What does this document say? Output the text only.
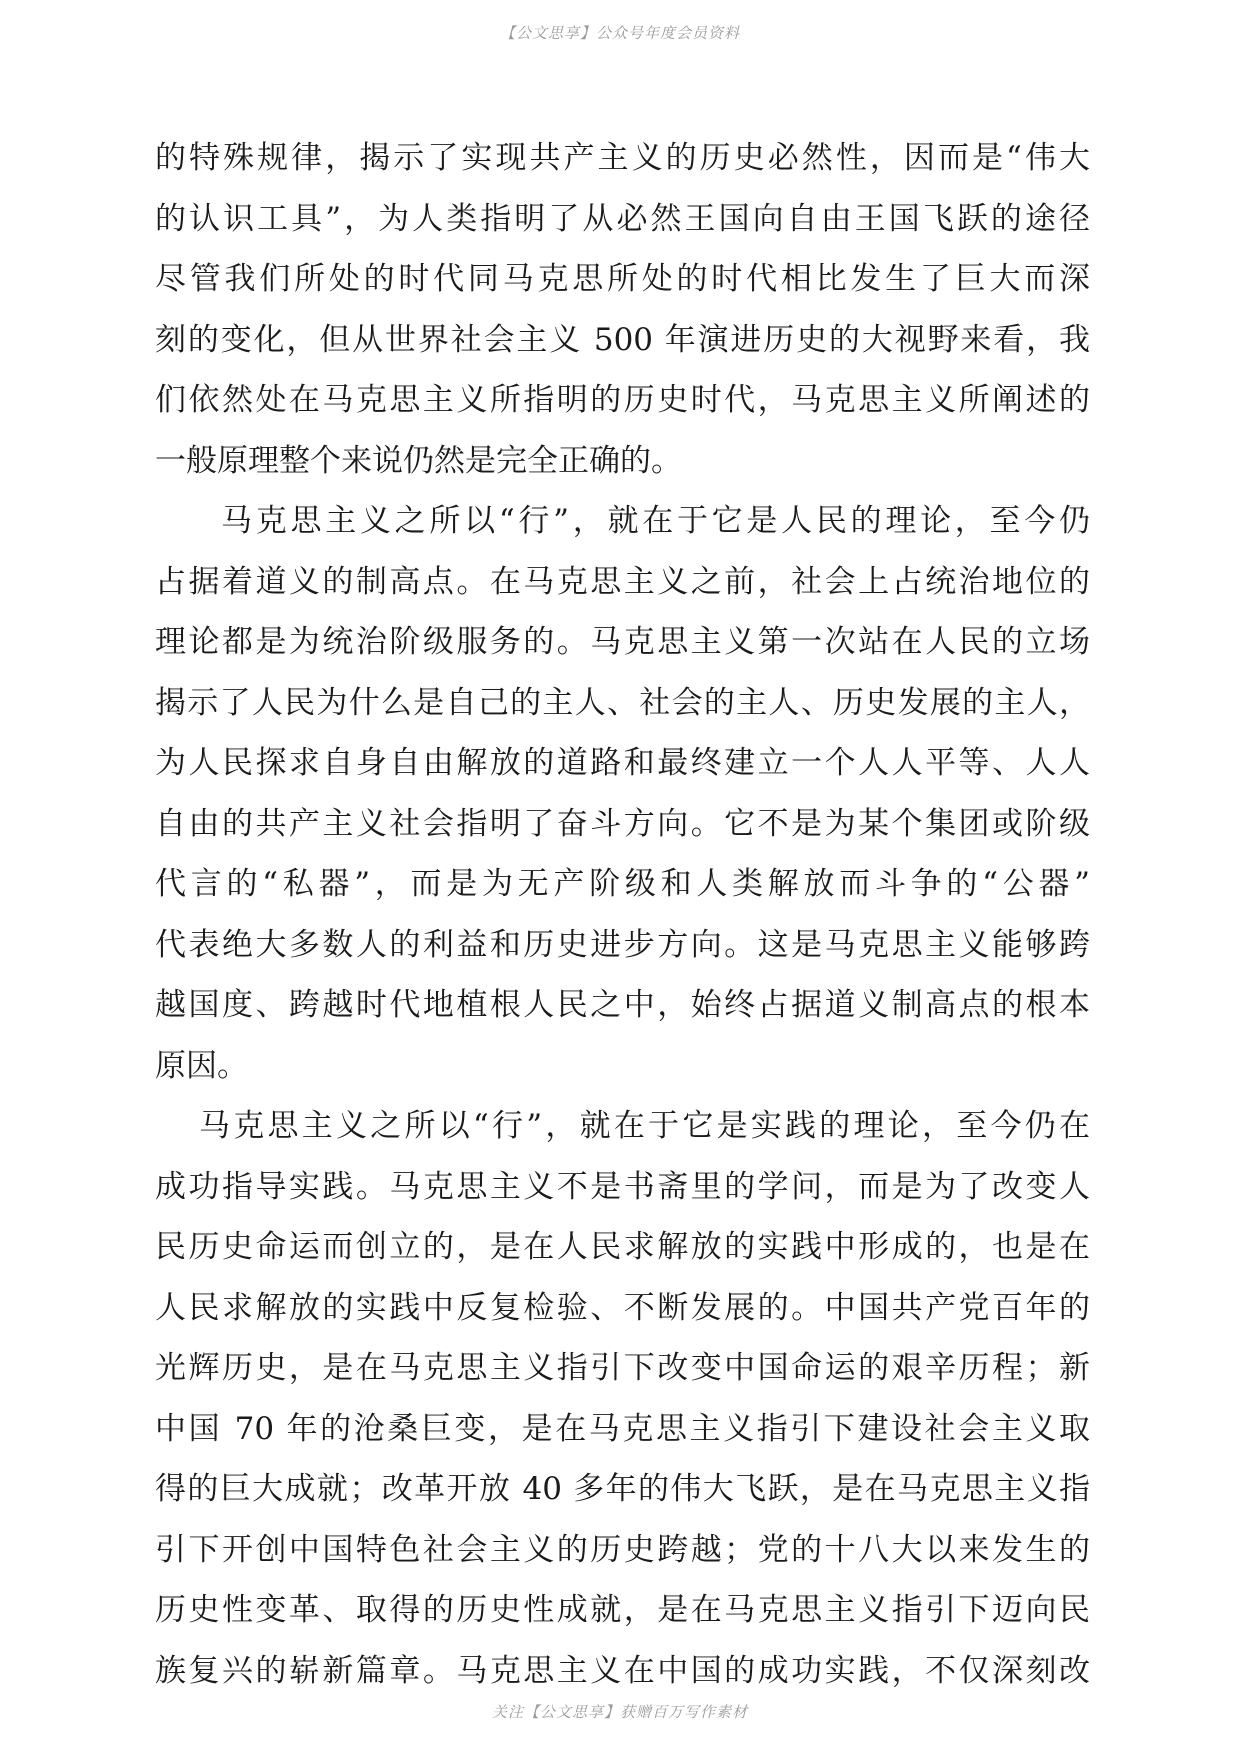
【公文思享】公众号年度会员资料
的特殊规律，揭示了实现共产主义的历史必然性，因而是“伟大
的认识工具”，为人类指明了从必然王国向自由王国飞跃的途径
尽管我们所处的时代同马克思所处的时代相比发生了巨大而深
刻的变化，但从世界社会主义 500 年演进历史的大视野来看，我
们依然处在马克思主义所指明的历史时代，马克思主义所阐述的
一般原理整个来说仍然是完全正确的。
马克思主义之所以“行”，就在于它是人民的理论，至今仍
占据着道义的制高点。在马克思主义之前，社会上占统治地位的
理论都是为统治阶级服务的。马克思主义第一次站在人民的立场
揭示了人民为什么是自己的主人、社会的主人、历史发展的主人，
为人民探求自身自由解放的道路和最终建立一个人人平等、人人
自由的共产主义社会指明了奋斗方向。它不是为某个集团或阶级
代言的“私器”，而是为无产阶级和人类解放而斗争的“公器”
代表绝大多数人的利益和历史进步方向。这是马克思主义能够跨
越国度、跨越时代地植根人民之中，始终占据道义制高点的根本
原因。
马克思主义之所以“行”，就在于它是实践的理论，至今仍在
成功指导实践。马克思主义不是书斋里的学问，而是为了改变人
民历史命运而创立的，是在人民求解放的实践中形成的，也是在
人民求解放的实践中反复检验、不断发展的。中国共产党百年的
光辉历史，是在马克思主义指引下改变中国命运的艰辛历程；新
中国 70 年的沧桑巨变，是在马克思主义指引下建设社会主义取
得的巨大成就；改革开放 40 多年的伟大飞跃，是在马克思主义指
引下开创中国特色社会主义的历史跨越；党的十八大以来发生的
历史性变革、取得的历史性成就，是在马克思主义指引下迈向民
族复兴的崭新篇章。马克思主义在中国的成功实践，不仅深刻改
关注【公文思享】获赠百万写作素材
